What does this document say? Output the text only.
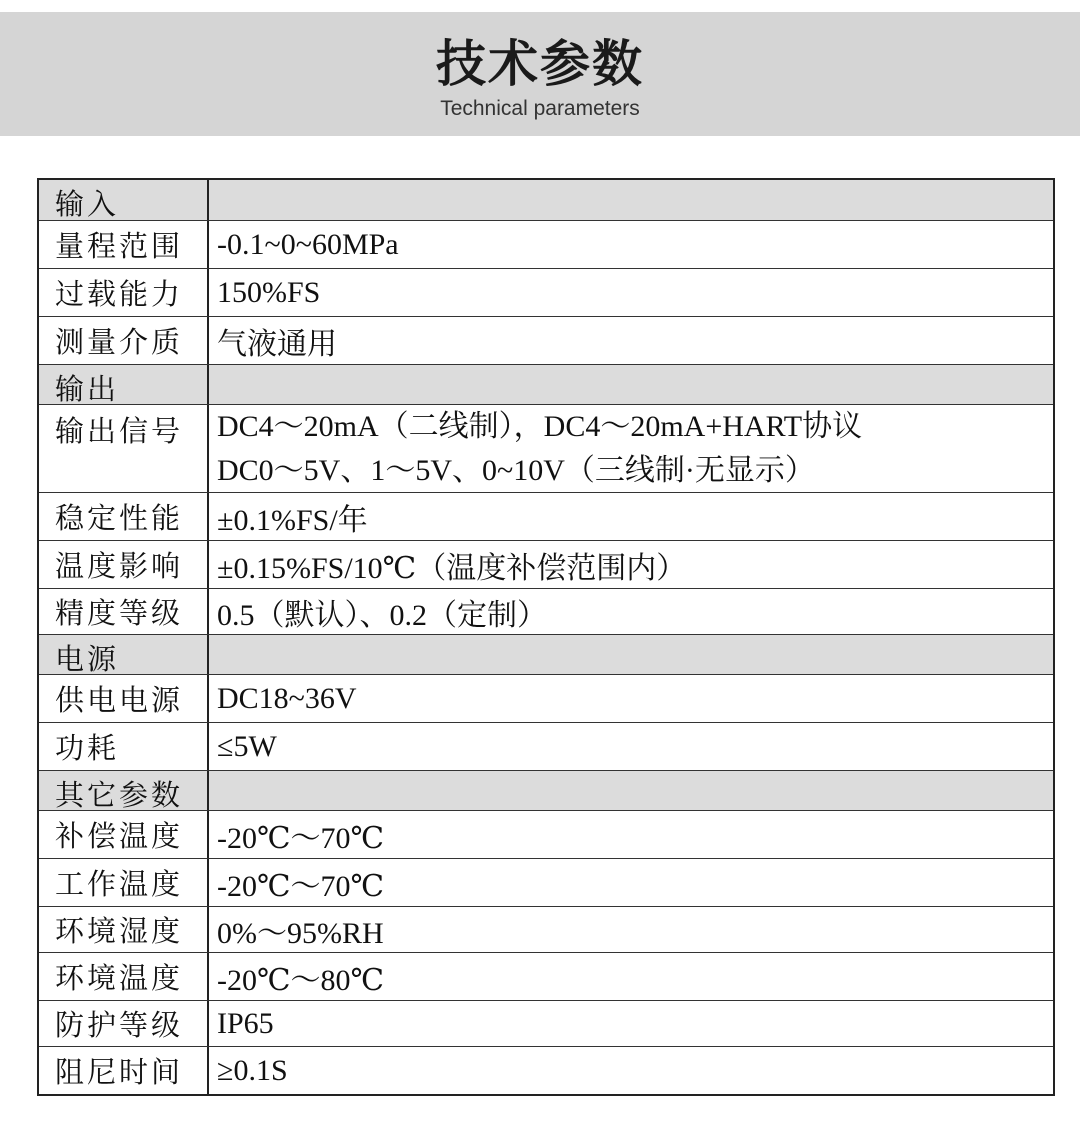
技术参数
Technical parameters
输入
量程范围	-0.1~0~60MPa
过载能力	150%FS
测量介质	气液通用
输出
输出信号	DC4～20mA（二线制），DC4～20mA+HART协议
DC0～5V、1～5V、0~10V（三线制·无显示）
稳定性能	±0.1%FS/年
温度影响	±0.15%FS/10℃（温度补偿范围内）
精度等级	0.5（默认）、0.2（定制）
电源
供电电源	DC18~36V
功耗	≤5W
其它参数
补偿温度	-20℃～70℃
工作温度	-20℃～70℃
环境湿度	0%～95%RH
环境温度	-20℃～80℃
防护等级	IP65
阻尼时间	≥0.1S
